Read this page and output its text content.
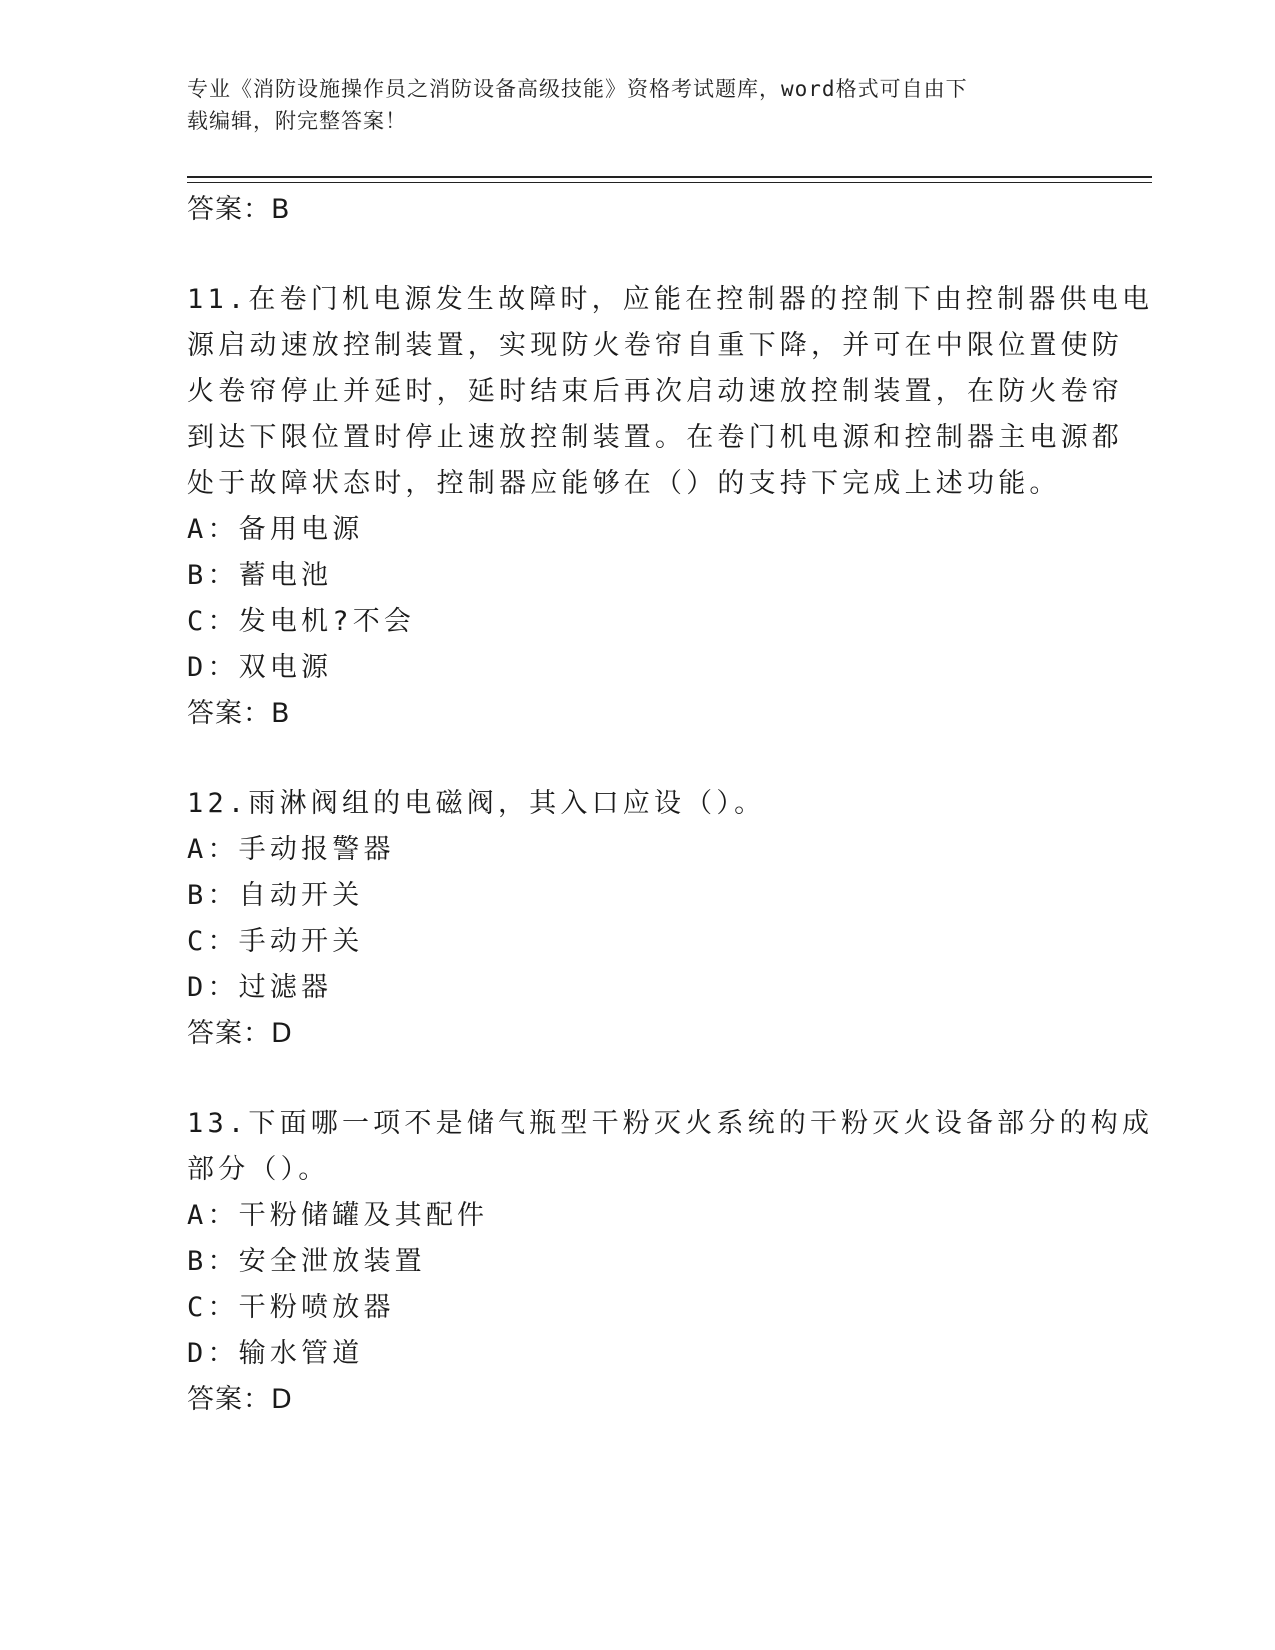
专业《消防设施操作员之消防设备高级技能》资格考试题库，word格式可自由下
载编辑，附完整答案！
答案：B
11.在卷门机电源发生故障时，应能在控制器的控制下由控制器供电电
源启动速放控制装置，实现防火卷帘自重下降，并可在中限位置使防
火卷帘停止并延时，延时结束后再次启动速放控制装置，在防火卷帘
到达下限位置时停止速放控制装置。在卷门机电源和控制器主电源都
处于故障状态时，控制器应能够在（）的支持下完成上述功能。
A：备用电源
B：蓄电池
C：发电机?不会
D：双电源
答案：B
12.雨淋阀组的电磁阀，其入口应设（）。
A：手动报警器
B：自动开关
C：手动开关
D：过滤器
答案：D
13.下面哪一项不是储气瓶型干粉灭火系统的干粉灭火设备部分的构成
部分（）。
A：干粉储罐及其配件
B：安全泄放装置
C：干粉喷放器
D：输水管道
答案：D
